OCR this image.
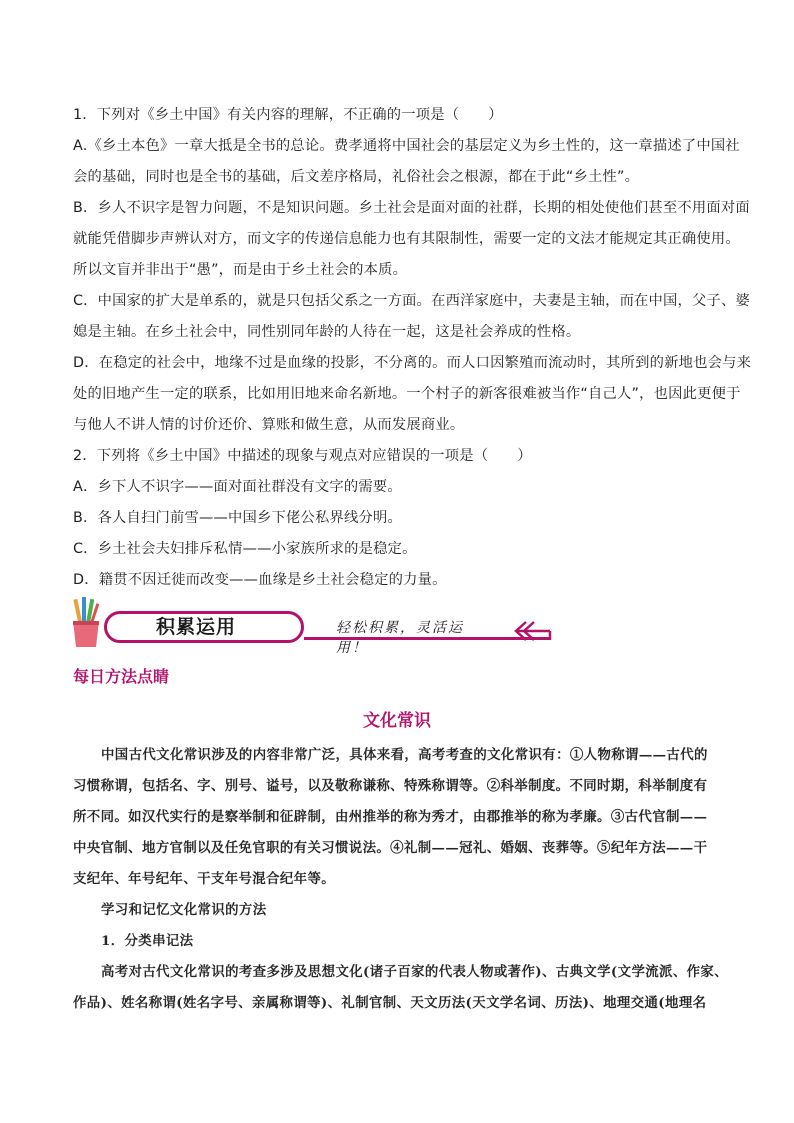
1．下列对《乡土中国》有关内容的理解，不正确的一项是（　　）
A.《乡土本色》一章大抵是全书的总论。费孝通将中国社会的基层定义为乡土性的，这一章描述了中国社
会的基础，同时也是全书的基础，后文差序格局，礼俗社会之根源，都在于此“乡土性”。
B．乡人不识字是智力问题，不是知识问题。乡土社会是面对面的社群，长期的相处使他们甚至不用面对面
就能凭借脚步声辨认对方，而文字的传递信息能力也有其限制性，需要一定的文法才能规定其正确使用。
所以文盲并非出于“愚”，而是由于乡土社会的本质。
C．中国家的扩大是单系的，就是只包括父系之一方面。在西洋家庭中，夫妻是主轴，而在中国，父子、婆
媳是主轴。在乡土社会中，同性别同年龄的人待在一起，这是社会养成的性格。
D．在稳定的社会中，地缘不过是血缘的投影，不分离的。而人口因繁殖而流动时，其所到的新地也会与来
处的旧地产生一定的联系，比如用旧地来命名新地。一个村子的新客很难被当作“自己人”，也因此更便于
与他人不讲人情的讨价还价、算账和做生意，从而发展商业。
2．下列将《乡土中国》中描述的现象与观点对应错误的一项是（　　）
A．乡下人不识字——面对面社群没有文字的需要。
B．各人自扫门前雪——中国乡下佬公私界线分明。
C．乡土社会夫妇排斥私情——小家族所求的是稳定。
D．籍贯不因迁徙而改变——血缘是乡土社会稳定的力量。
积累运用	轻松积累，灵活运用！
每日方法点睛
文化常识
中国古代文化常识涉及的内容非常广泛，具体来看，高考考查的文化常识有：①人物称谓——古代的
习惯称谓，包括名、字、別号、谥号，以及敬称谦称、特殊称谓等。②科举制度。不同时期，科举制度有
所不同。如汉代实行的是察举制和征辟制，由州推举的称为秀才，由郡推举的称为孝廉。③古代官制——
中央官制、地方官制以及任免官职的有关习惯说法。④礼制——冠礼、婚姻、丧葬等。⑤纪年方法——干
支纪年、年号纪年、干支年号混合纪年等。
学习和记忆文化常识的方法
1．分类串记法
高考对古代文化常识的考查多涉及思想文化(诸子百家的代表人物或著作)、古典文学(文学流派、作家、
作品)、姓名称谓(姓名字号、亲属称谓等)、礼制官制、天文历法(天文学名词、历法)、地理交通(地理名
